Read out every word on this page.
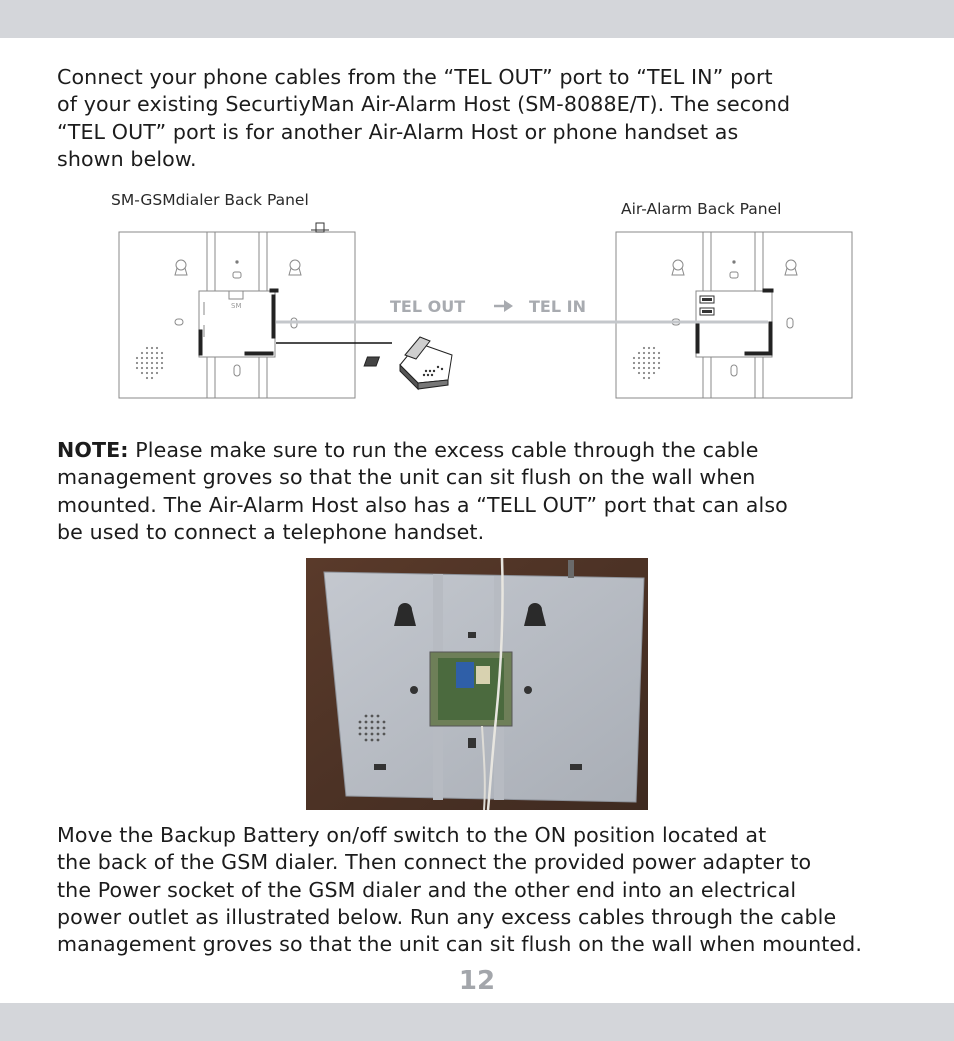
Connect your phone cables from the “TEL OUT” port to “TEL IN” port
of your existing SecurtiyMan Air-Alarm Host (SM-8088E/T). The second
“TEL OUT” port is for another Air-Alarm Host or phone handset as
shown below.

SM-GSMdialer Back Panel	Air-Alarm Back Panel
SM	TEL OUT	TEL IN

NOTE: Please make sure to run the excess cable through the cable
management groves so that the unit can sit flush on the wall when
mounted. The Air-Alarm Host also has a “TELL OUT” port that can also
be used to connect a telephone handset.

Move the Backup Battery on/off switch to the ON position located at
the back of the GSM dialer. Then connect the provided power adapter to
the Power socket of the GSM dialer and the other end into an electrical
power outlet as illustrated below. Run any excess cables through the cable
management groves so that the unit can sit flush on the wall when mounted.

12
